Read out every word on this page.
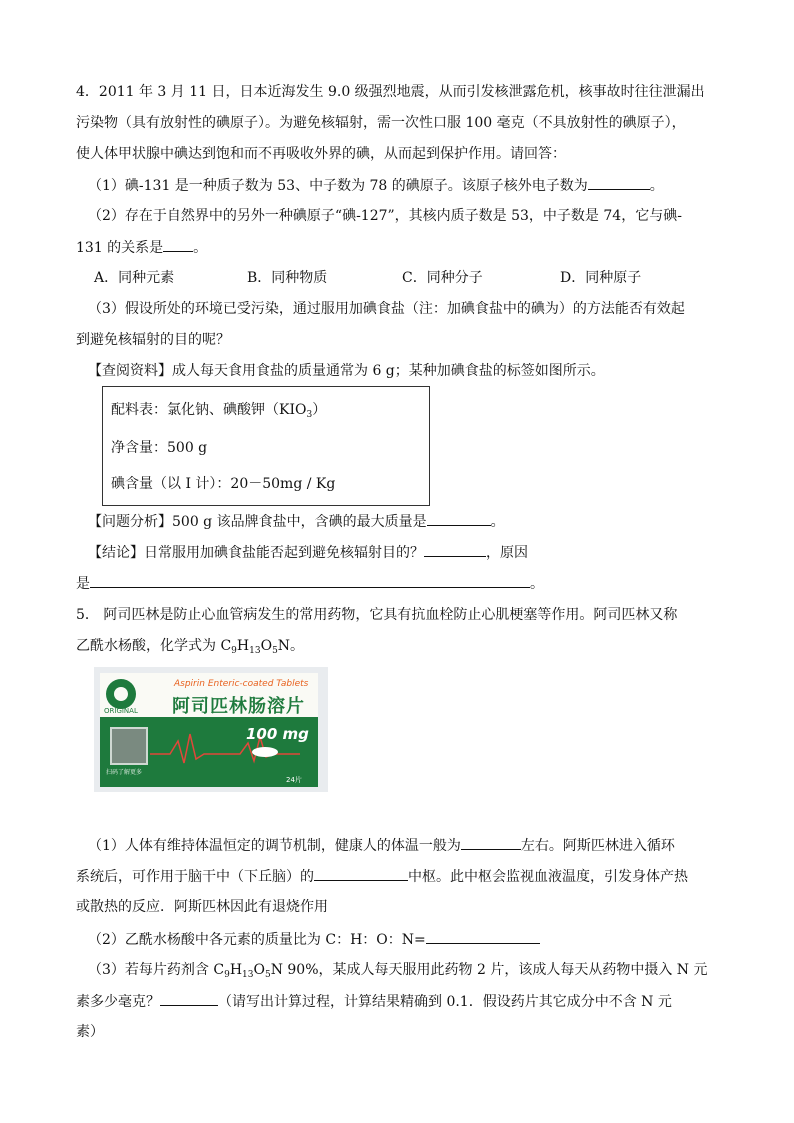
4．2011 年 3 月 11 日，日本近海发生 9.0 级强烈地震，从而引发核泄露危机，核事故时往往泄漏出
污染物（具有放射性的碘原子）。为避免核辐射，需一次性口服 100 毫克（不具放射性的碘原子），
使人体甲状腺中碘达到饱和而不再吸收外界的碘，从而起到保护作用。请回答：
（1）碘-131 是一种质子数为 53、中子数为 78 的碘原子。该原子核外电子数为	。
（2）存在于自然界中的另外一种碘原子“碘-127”，其核内质子数是 53，中子数是 74，它与碘-
131 的关系是 。
A．同种元素	B．同种物质	C．同种分子	D．同种原子
（3）假设所处的环境已受污染，通过服用加碘食盐（注：加碘食盐中的碘为）的方法能否有效起
到避免核辐射的目的呢？
【查阅资料】成人每天食用食盐的质量通常为 6 g；某种加碘食盐的标签如图所示。
配料表：氯化钠、碘酸钾$(KIO_3)$
净含量：500 g
碘含量（以 I 计）：20－50mg / Kg
【问题分析】500 g 该品牌食盐中，含碘的最大质量是	。
【结论】日常服用加碘食盐能否起到避免核辐射目的？	，原因
是	。
5． 阿司匹林是防止心血管病发生的常用药物，它具有抗血栓防止心肌梗塞等作用。阿司匹林又称
乙酰水杨酸，化学式为 $C_9H_{13}O_5N$。
ORIGINAL
Aspirin Enteric-coated Tablets
阿司匹林肠溶片
扫码了解更多
100 mg
24片
（1）人体有维持体温恒定的调节机制，健康人的体温一般为	左右。阿斯匹林进入循环
系统后，可作用于脑干中（下丘脑）的	中枢。此中枢会监视血液温度，引发身体产热
或散热的反应．阿斯匹林因此有退烧作用
（2）乙酰水杨酸中各元素的质量比为 C：H：O：N=
（3）若每片药剂含 $C_9H_{13}O_5N$ 90%，某成人每天服用此药物 2 片，该成人每天从药物中摄入 N 元
素多少毫克？	（请写出计算过程，计算结果精确到 0.1．假设药片其它成分中不含 N 元
素）
